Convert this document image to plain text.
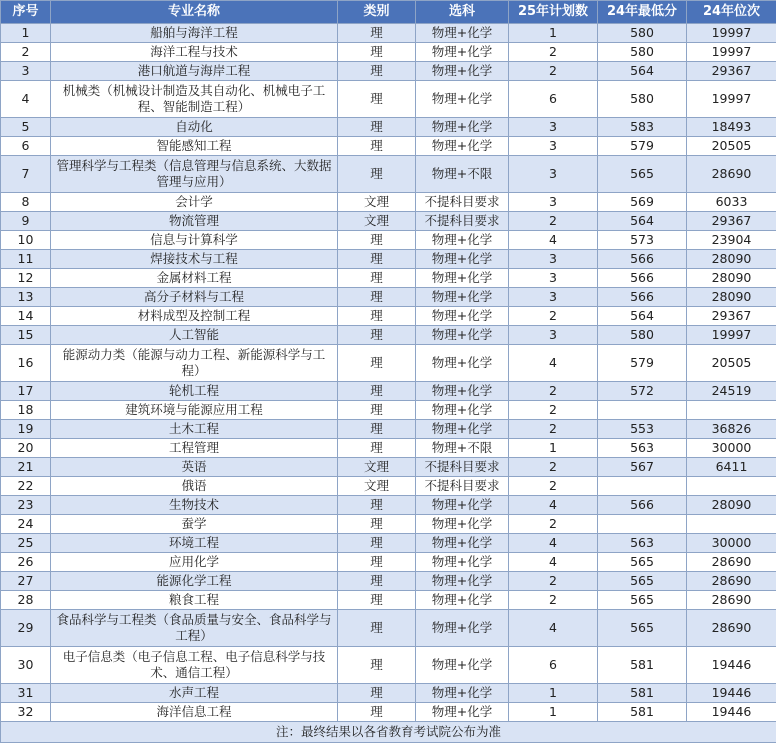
序号	专业名称	类别	选科	25年计划数	24年最低分	24年位次
1	船舶与海洋工程	理	物理+化学	1	580	19997
2	海洋工程与技术	理	物理+化学	2	580	19997
3	港口航道与海岸工程	理	物理+化学	2	564	29367
4	机械类（机械设计制造及其自动化、机械电子工程、智能制造工程）	理	物理+化学	6	580	19997
5	自动化	理	物理+化学	3	583	18493
6	智能感知工程	理	物理+化学	3	579	20505
7	管理科学与工程类（信息管理与信息系统、大数据管理与应用）	理	物理+不限	3	565	28690
8	会计学	文理	不提科目要求	3	569	6033
9	物流管理	文理	不提科目要求	2	564	29367
10	信息与计算科学	理	物理+化学	4	573	23904
11	焊接技术与工程	理	物理+化学	3	566	28090
12	金属材料工程	理	物理+化学	3	566	28090
13	高分子材料与工程	理	物理+化学	3	566	28090
14	材料成型及控制工程	理	物理+化学	2	564	29367
15	人工智能	理	物理+化学	3	580	19997
16	能源动力类（能源与动力工程、新能源科学与工程）	理	物理+化学	4	579	20505
17	轮机工程	理	物理+化学	2	572	24519
18	建筑环境与能源应用工程	理	物理+化学	2		
19	土木工程	理	物理+化学	2	553	36826
20	工程管理	理	物理+不限	1	563	30000
21	英语	文理	不提科目要求	2	567	6411
22	俄语	文理	不提科目要求	2		
23	生物技术	理	物理+化学	4	566	28090
24	蚕学	理	物理+化学	2		
25	环境工程	理	物理+化学	4	563	30000
26	应用化学	理	物理+化学	4	565	28690
27	能源化学工程	理	物理+化学	2	565	28690
28	粮食工程	理	物理+化学	2	565	28690
29	食品科学与工程类（食品质量与安全、食品科学与工程）	理	物理+化学	4	565	28690
30	电子信息类（电子信息工程、电子信息科学与技术、通信工程）	理	物理+化学	6	581	19446
31	水声工程	理	物理+化学	1	581	19446
32	海洋信息工程	理	物理+化学	1	581	19446
注：最终结果以各省教育考试院公布为准						
